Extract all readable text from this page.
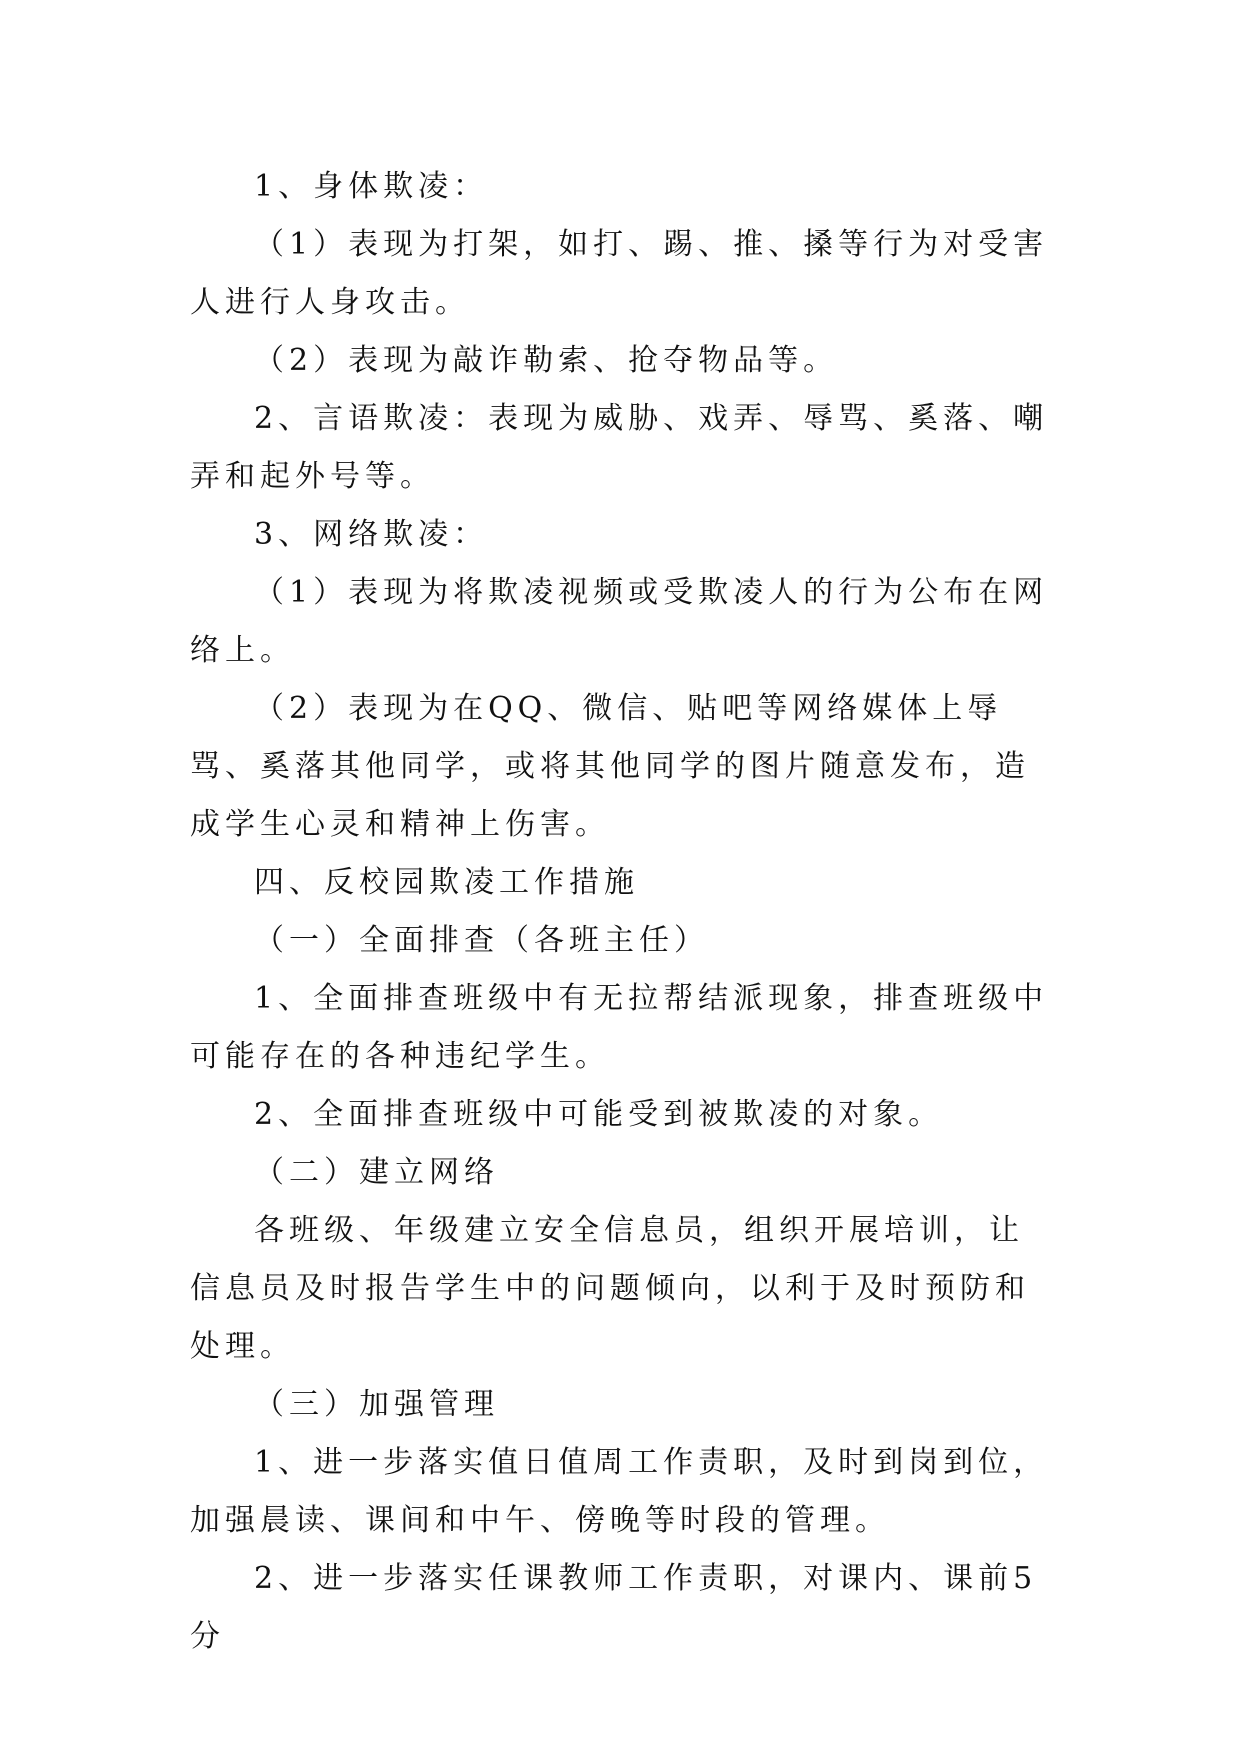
1、身体欺凌：

（1）表现为打架，如打、踢、推、搡等行为对受害人进行人身攻击。

（2）表现为敲诈勒索、抢夺物品等。

2、言语欺凌：表现为威胁、戏弄、辱骂、奚落、嘲弄和起外号等。

3、网络欺凌：

（1）表现为将欺凌视频或受欺凌人的行为公布在网络上。

（2）表现为在QQ、微信、贴吧等网络媒体上辱骂、奚落其他同学，或将其他同学的图片随意发布，造成学生心灵和精神上伤害。

四、反校园欺凌工作措施

（一）全面排查（各班主任）

1、全面排查班级中有无拉帮结派现象，排查班级中可能存在的各种违纪学生。

2、全面排查班级中可能受到被欺凌的对象。

（二）建立网络

各班级、年级建立安全信息员，组织开展培训，让信息员及时报告学生中的问题倾向，以利于及时预防和处理。

（三）加强管理

1、进一步落实值日值周工作责职，及时到岗到位，加强晨读、课间和中午、傍晚等时段的管理。

2、进一步落实任课教师工作责职，对课内、课前5分
